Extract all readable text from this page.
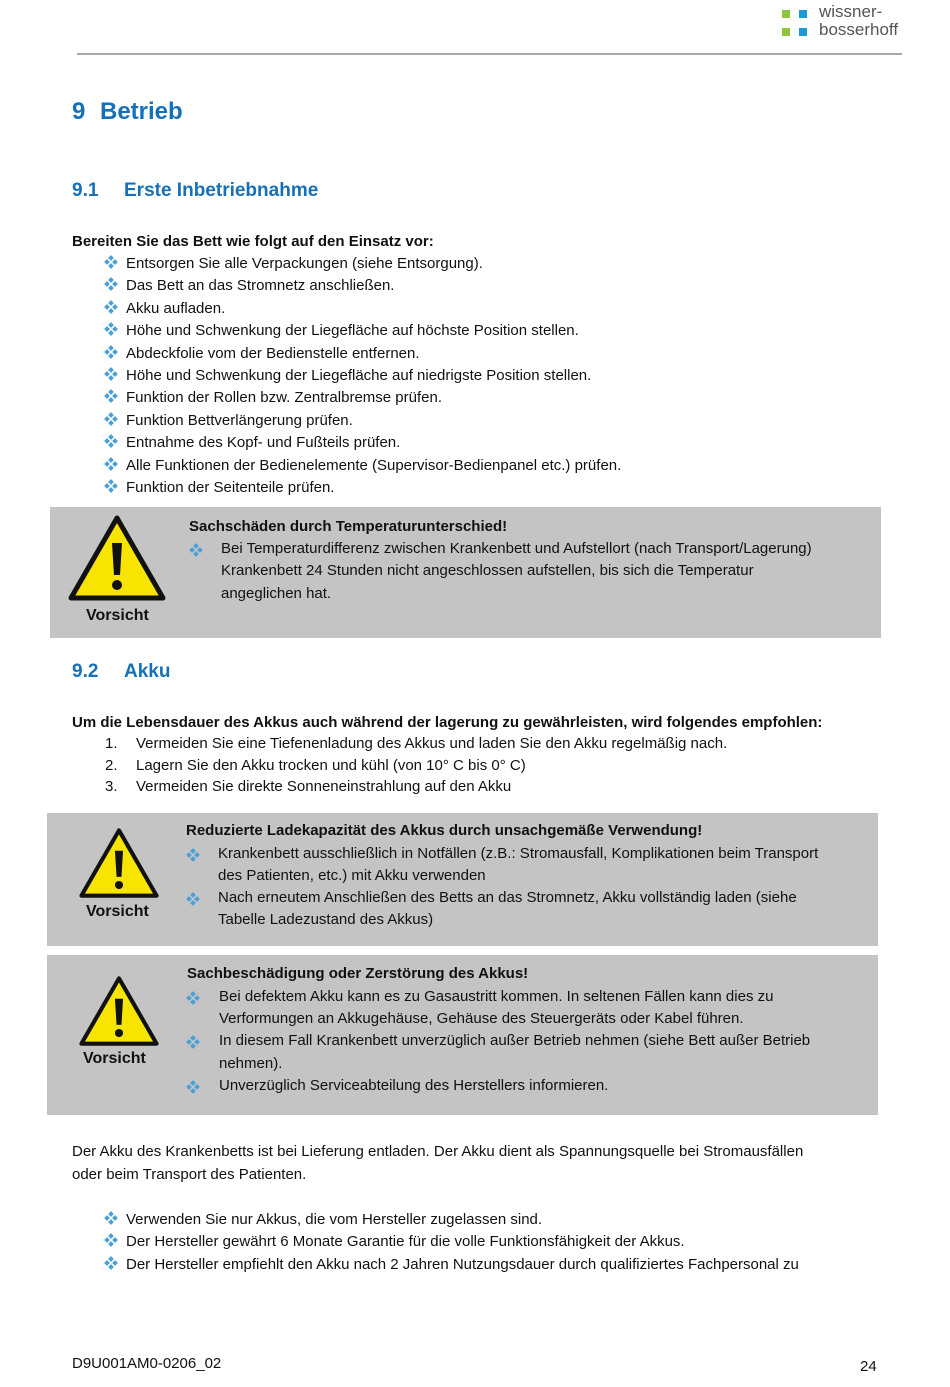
wissner-
bosserhoff
9 Betrieb
9.1 Erste Inbetriebnahme
Bereiten Sie das Bett wie folgt auf den Einsatz vor:
Entsorgen Sie alle Verpackungen (siehe Entsorgung).
Das Bett an das Stromnetz anschließen.
Akku aufladen.
Höhe und Schwenkung der Liegefläche auf höchste Position stellen.
Abdeckfolie vom der Bedienstelle entfernen.
Höhe und Schwenkung der Liegefläche auf niedrigste Position stellen.
Funktion der Rollen bzw. Zentralbremse prüfen.
Funktion Bettverlängerung prüfen.
Entnahme des Kopf- und Fußteils prüfen.
Alle Funktionen der Bedienelemente (Supervisor-Bedienpanel etc.) prüfen.
Funktion der Seitenteile prüfen.
Vorsicht
Sachschäden durch Temperaturunterschied!
Bei Temperaturdifferenz zwischen Krankenbett und Aufstellort (nach Transport/Lagerung)
Krankenbett 24 Stunden nicht angeschlossen aufstellen, bis sich die Temperatur
angeglichen hat.
9.2 Akku
Um die Lebensdauer des Akkus auch während der lagerung zu gewährleisten, wird folgendes empfohlen:
1.	Vermeiden Sie eine Tiefenenladung des Akkus und laden Sie den Akku regelmäßig nach.
2.	Lagern Sie den Akku trocken und kühl (von 10° C bis 0° C)
3.	Vermeiden Sie direkte Sonneneinstrahlung auf den Akku
Vorsicht
Reduzierte Ladekapazität des Akkus durch unsachgemäße Verwendung!
Krankenbett ausschließlich in Notfällen (z.B.: Stromausfall, Komplikationen beim Transport
des Patienten, etc.) mit Akku verwenden
Nach erneutem Anschließen des Betts an das Stromnetz, Akku vollständig laden (siehe
Tabelle Ladezustand des Akkus)
Vorsicht
Sachbeschädigung oder Zerstörung des Akkus!
Bei defektem Akku kann es zu Gasaustritt kommen. In seltenen Fällen kann dies zu
Verformungen an Akkugehäuse, Gehäuse des Steuergeräts oder Kabel führen.
In diesem Fall Krankenbett unverzüglich außer Betrieb nehmen (siehe Bett außer Betrieb
nehmen).
Unverzüglich Serviceabteilung des Herstellers informieren.
Der Akku des Krankenbetts ist bei Lieferung entladen. Der Akku dient als Spannungsquelle bei Stromausfällen
oder beim Transport des Patienten.
Verwenden Sie nur Akkus, die vom Hersteller zugelassen sind.
Der Hersteller gewährt 6 Monate Garantie für die volle Funktionsfähigkeit der Akkus.
Der Hersteller empfiehlt den Akku nach 2 Jahren Nutzungsdauer durch qualifiziertes Fachpersonal zu
D9U001AM0-0206_02	24
